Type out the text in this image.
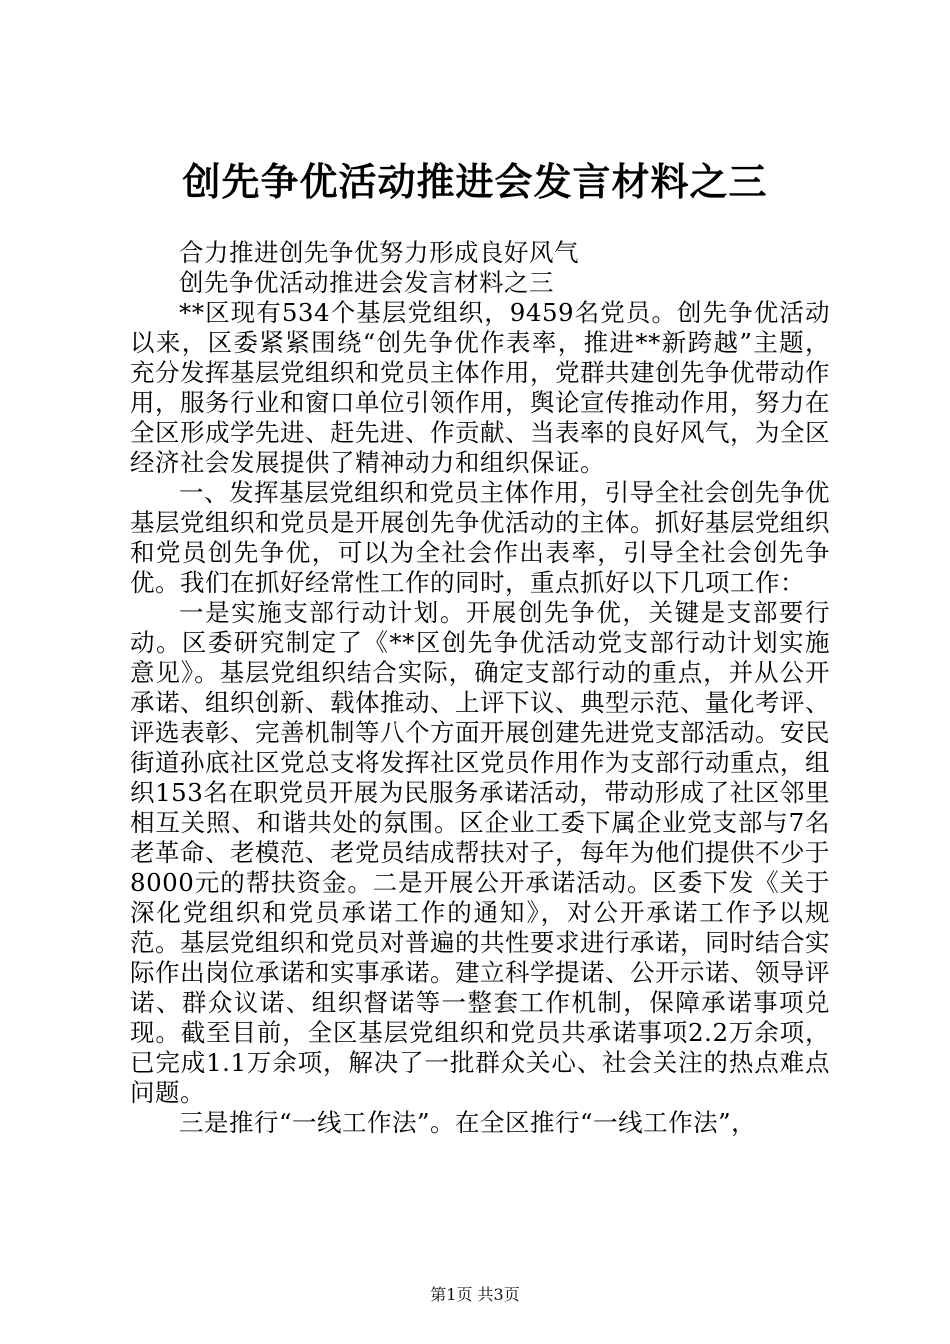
创先争优活动推进会发言材料之三

合力推进创先争优努力形成良好风气

创先争优活动推进会发言材料之三

**区现有534个基层党组织，9459名党员。创先争优活动以来，区委紧紧围绕“创先争优作表率，推进**新跨越”主题，充分发挥基层党组织和党员主体作用，党群共建创先争优带动作用，服务行业和窗口单位引领作用，舆论宣传推动作用，努力在全区形成学先进、赶先进、作贡献、当表率的良好风气，为全区经济社会发展提供了精神动力和组织保证。

一、发挥基层党组织和党员主体作用，引导全社会创先争优基层党组织和党员是开展创先争优活动的主体。抓好基层党组织和党员创先争优，可以为全社会作出表率，引导全社会创先争优。我们在抓好经常性工作的同时，重点抓好以下几项工作：

一是实施支部行动计划。开展创先争优，关键是支部要行动。区委研究制定了《**区创先争优活动党支部行动计划实施意见》。基层党组织结合实际，确定支部行动的重点，并从公开承诺、组织创新、载体推动、上评下议、典型示范、量化考评、评选表彰、完善机制等八个方面开展创建先进党支部活动。安民街道孙底社区党总支将发挥社区党员作用作为支部行动重点，组织153名在职党员开展为民服务承诺活动，带动形成了社区邻里相互关照、和谐共处的氛围。区企业工委下属企业党支部与7名老革命、老模范、老党员结成帮扶对子，每年为他们提供不少于8000元的帮扶资金。二是开展公开承诺活动。区委下发《关于深化党组织和党员承诺工作的通知》，对公开承诺工作予以规范。基层党组织和党员对普遍的共性要求进行承诺，同时结合实际作出岗位承诺和实事承诺。建立科学提诺、公开示诺、领导评诺、群众议诺、组织督诺等一整套工作机制，保障承诺事项兑现。截至目前，全区基层党组织和党员共承诺事项2.2万余项，已完成1.1万余项，解决了一批群众关心、社会关注的热点难点问题。

三是推行“一线工作法”。在全区推行“一线工作法”，

第1页 共3页
